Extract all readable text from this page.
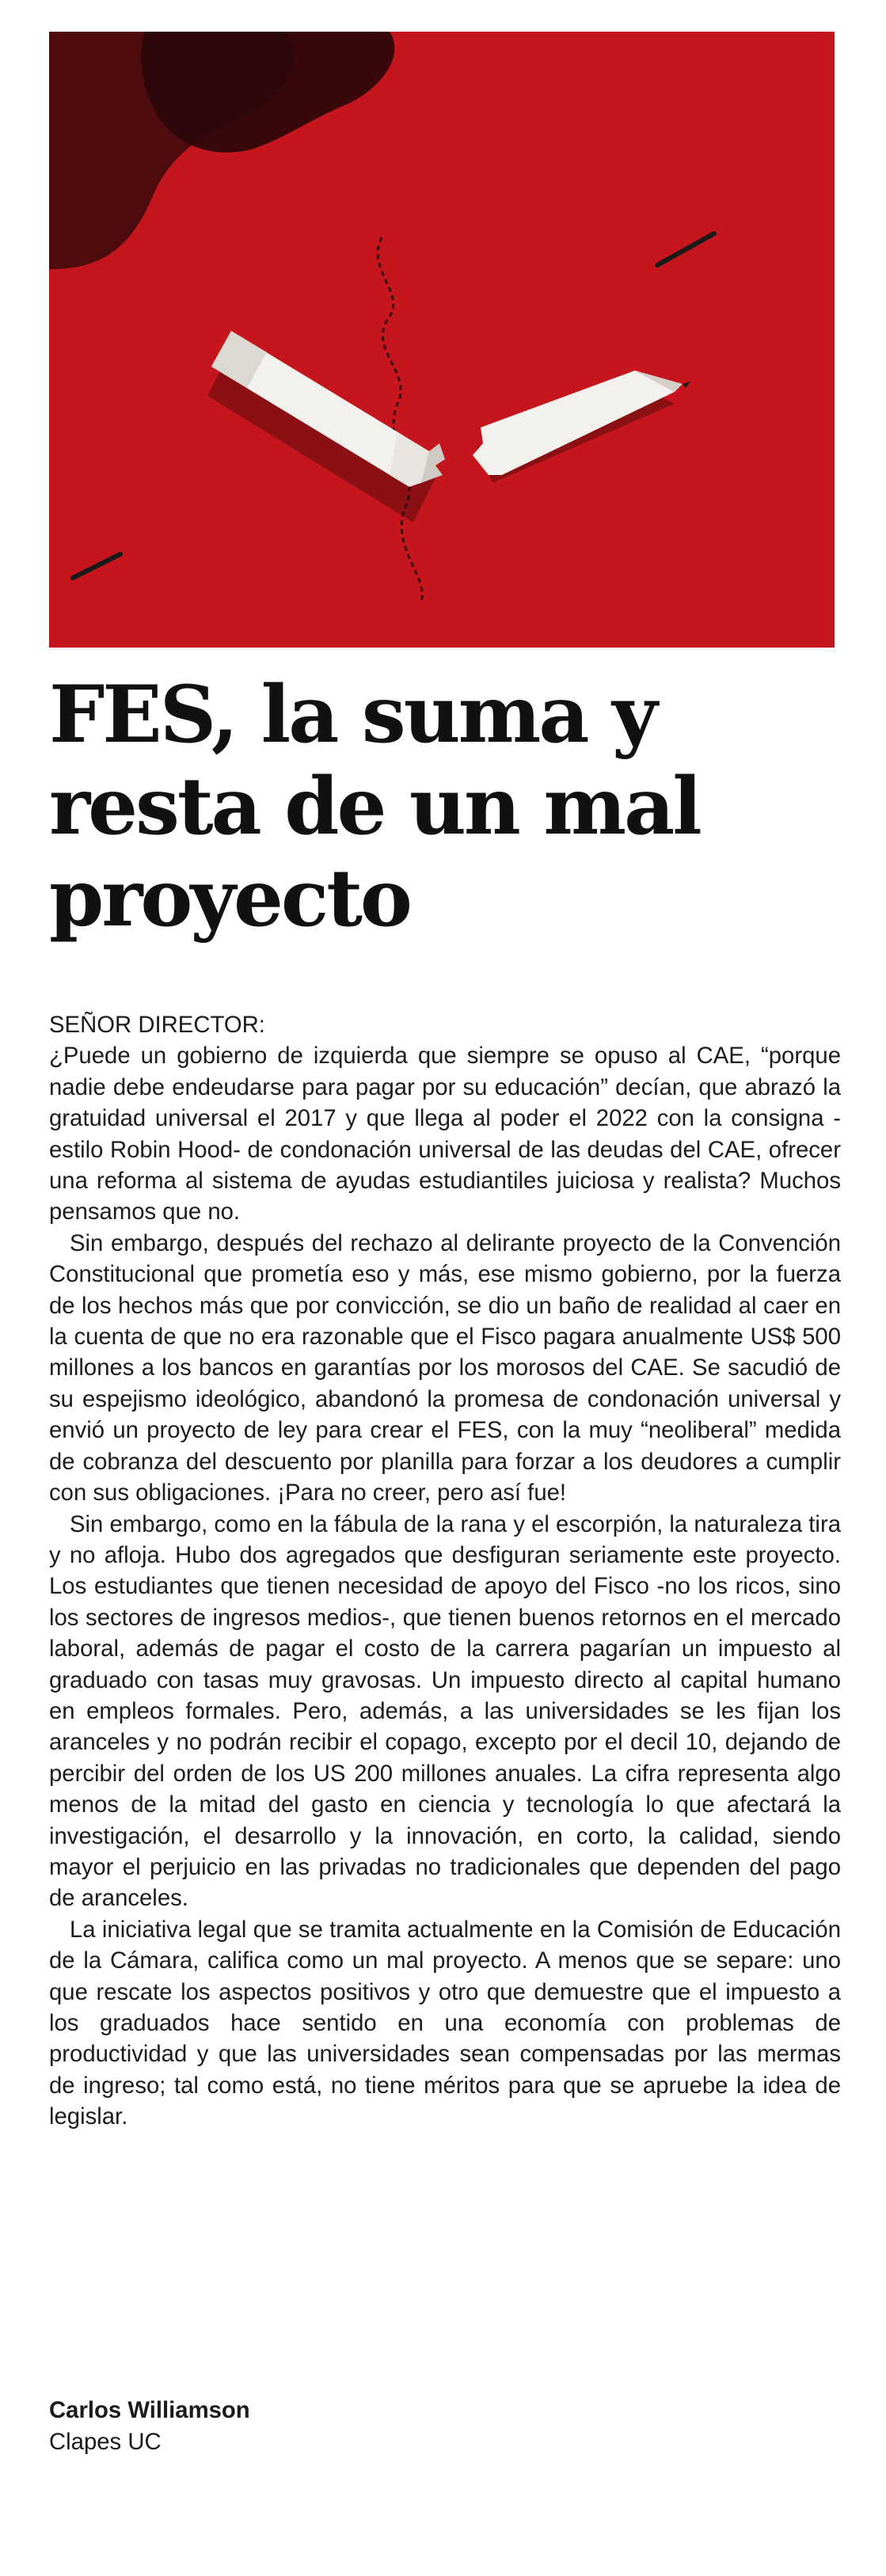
FES, la suma y
resta de un mal
proyecto

SEÑOR DIRECTOR:

¿Puede un gobierno de izquierda que siempre se opuso al CAE, “porque nadie debe endeudarse para pagar por su educación” decían, que abrazó la gratuidad universal el 2017 y que llega al poder el 2022 con la consigna -estilo Robin Hood- de condonación universal de las deudas del CAE, ofrecer una reforma al sistema de ayudas estudiantiles juiciosa y realista? Muchos pensamos que no.

Sin embargo, después del rechazo al delirante proyecto de la Convención Constitucional que prometía eso y más, ese mismo gobierno, por la fuerza de los hechos más que por convicción, se dio un baño de realidad al caer en la cuenta de que no era razonable que el Fisco pagara anualmente US$ 500 millones a los bancos en garantías por los morosos del CAE. Se sacudió de su espejismo ideológico, abandonó la promesa de condonación universal y envió un proyecto de ley para crear el FES, con la muy “neoliberal” medida de cobranza del descuento por planilla para forzar a los deudores a cumplir con sus obligaciones. ¡Para no creer, pero así fue!

Sin embargo, como en la fábula de la rana y el escorpión, la naturaleza tira y no afloja. Hubo dos agregados que desfiguran seriamente este proyecto. Los estudiantes que tienen necesidad de apoyo del Fisco -no los ricos, sino los sectores de ingresos medios-, que tienen buenos retornos en el mercado laboral, además de pagar el costo de la carrera pagarían un impuesto al graduado con tasas muy gravosas. Un impuesto directo al capital humano en empleos formales. Pero, además, a las universidades se les fijan los aranceles y no podrán recibir el copago, excepto por el decil 10, dejando de percibir del orden de los US 200 millones anuales. La cifra representa algo menos de la mitad del gasto en ciencia y tecnología lo que afectará la investigación, el desarrollo y la innovación, en corto, la calidad, siendo mayor el perjuicio en las privadas no tradicionales que dependen del pago de aranceles.

La iniciativa legal que se tramita actualmente en la Comisión de Educación de la Cámara, califica como un mal proyecto. A menos que se separe: uno que rescate los aspectos positivos y otro que demuestre que el impuesto a los graduados hace sentido en una economía con problemas de productividad y que las universidades sean compensadas por las mermas de ingreso; tal como está, no tiene méritos para que se apruebe la idea de legislar.

Carlos Williamson
Clapes UC
